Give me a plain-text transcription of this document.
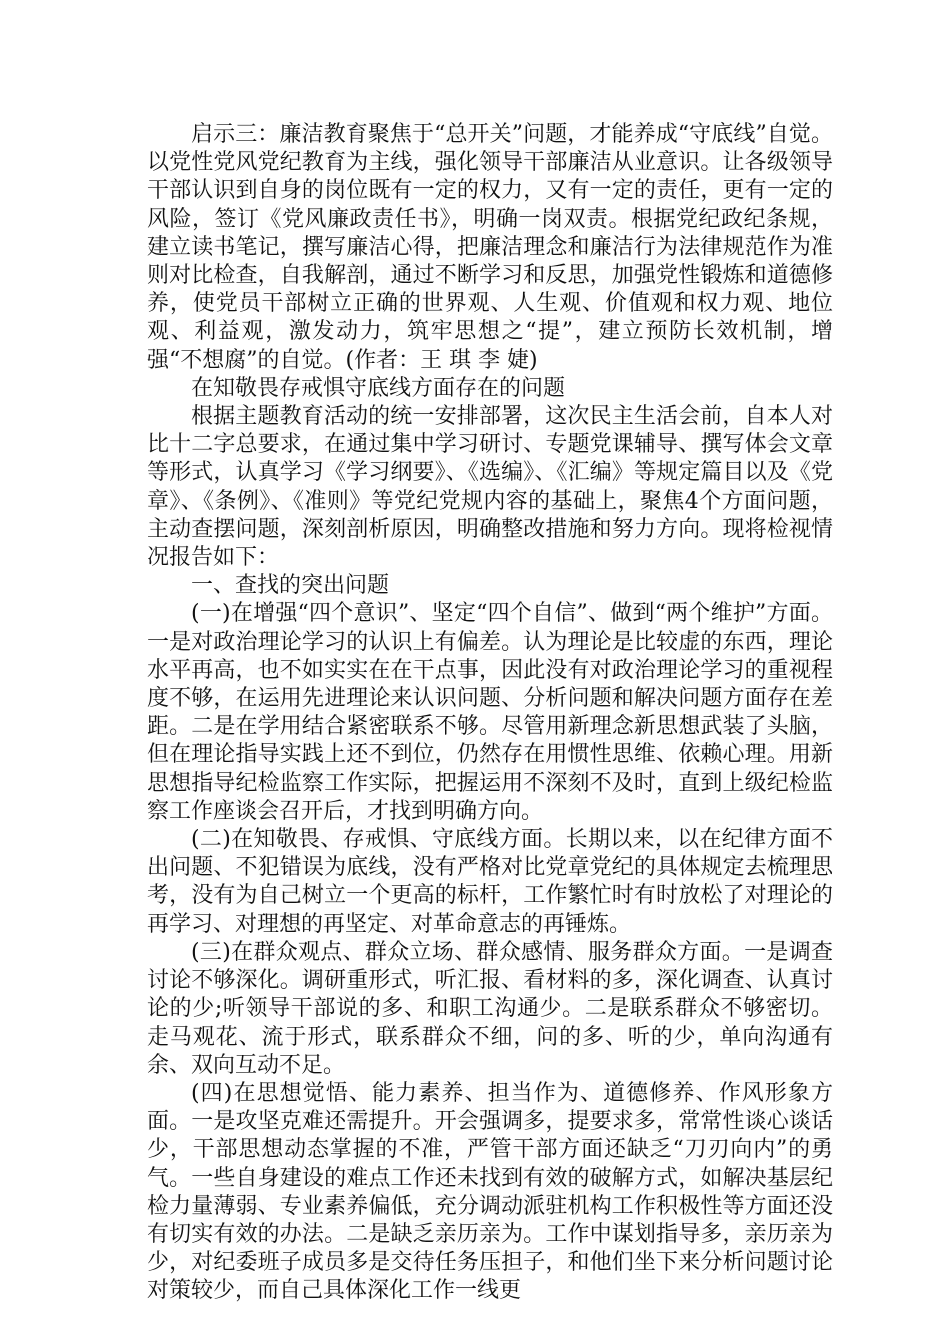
启示三：廉洁教育聚焦于“总开关”问题，才能养成“守底线”自觉。以党性党风党纪教育为主线，强化领导干部廉洁从业意识。让各级领导干部认识到自身的岗位既有一定的权力，又有一定的责任，更有一定的风险，签订《党风廉政责任书》，明确一岗双责。根据党纪政纪条规，建立读书笔记，撰写廉洁心得，把廉洁理念和廉洁行为法律规范作为准则对比检查，自我解剖，通过不断学习和反思，加强党性锻炼和道德修养，使党员干部树立正确的世界观、人生观、价值观和权力观、地位观、利益观，激发动力，筑牢思想之“提”，建立预防长效机制，增强“不想腐”的自觉。(作者：王 琪 李 婕)

在知敬畏存戒惧守底线方面存在的问题

根据主题教育活动的统一安排部署，这次民主生活会前，自本人对比十二字总要求，在通过集中学习研讨、专题党课辅导、撰写体会文章等形式，认真学习《学习纲要》、《选编》、《汇编》等规定篇目以及《党章》、《条例》、《准则》等党纪党规内容的基础上，聚焦4个方面问题，主动查摆问题，深刻剖析原因，明确整改措施和努力方向。现将检视情况报告如下：

一、查找的突出问题

(一)在增强“四个意识”、坚定“四个自信”、做到“两个维护”方面。一是对政治理论学习的认识上有偏差。认为理论是比较虚的东西，理论水平再高，也不如实实在在干点事，因此没有对政治理论学习的重视程度不够，在运用先进理论来认识问题、分析问题和解决问题方面存在差距。二是在学用结合紧密联系不够。尽管用新理念新思想武装了头脑，但在理论指导实践上还不到位，仍然存在用惯性思维、依赖心理。用新思想指导纪检监察工作实际，把握运用不深刻不及时，直到上级纪检监察工作座谈会召开后，才找到明确方向。

(二)在知敬畏、存戒惧、守底线方面。长期以来，以在纪律方面不出问题、不犯错误为底线，没有严格对比党章党纪的具体规定去梳理思考，没有为自己树立一个更高的标杆，工作繁忙时有时放松了对理论的再学习、对理想的再坚定、对革命意志的再锤炼。

(三)在群众观点、群众立场、群众感情、服务群众方面。一是调查讨论不够深化。调研重形式，听汇报、看材料的多，深化调查、认真讨论的少;听领导干部说的多、和职工沟通少。二是联系群众不够密切。走马观花、流于形式，联系群众不细，问的多、听的少，单向沟通有余、双向互动不足。

(四)在思想觉悟、能力素养、担当作为、道德修养、作风形象方面。一是攻坚克难还需提升。开会强调多，提要求多，常常性谈心谈话少，干部思想动态掌握的不准，严管干部方面还缺乏“刀刃向内”的勇气。一些自身建设的难点工作还未找到有效的破解方式，如解决基层纪检力量薄弱、专业素养偏低，充分调动派驻机构工作积极性等方面还没有切实有效的办法。二是缺乏亲历亲为。工作中谋划指导多，亲历亲为少，对纪委班子成员多是交待任务压担子，和他们坐下来分析问题讨论对策较少，而自己具体深化工作一线更
